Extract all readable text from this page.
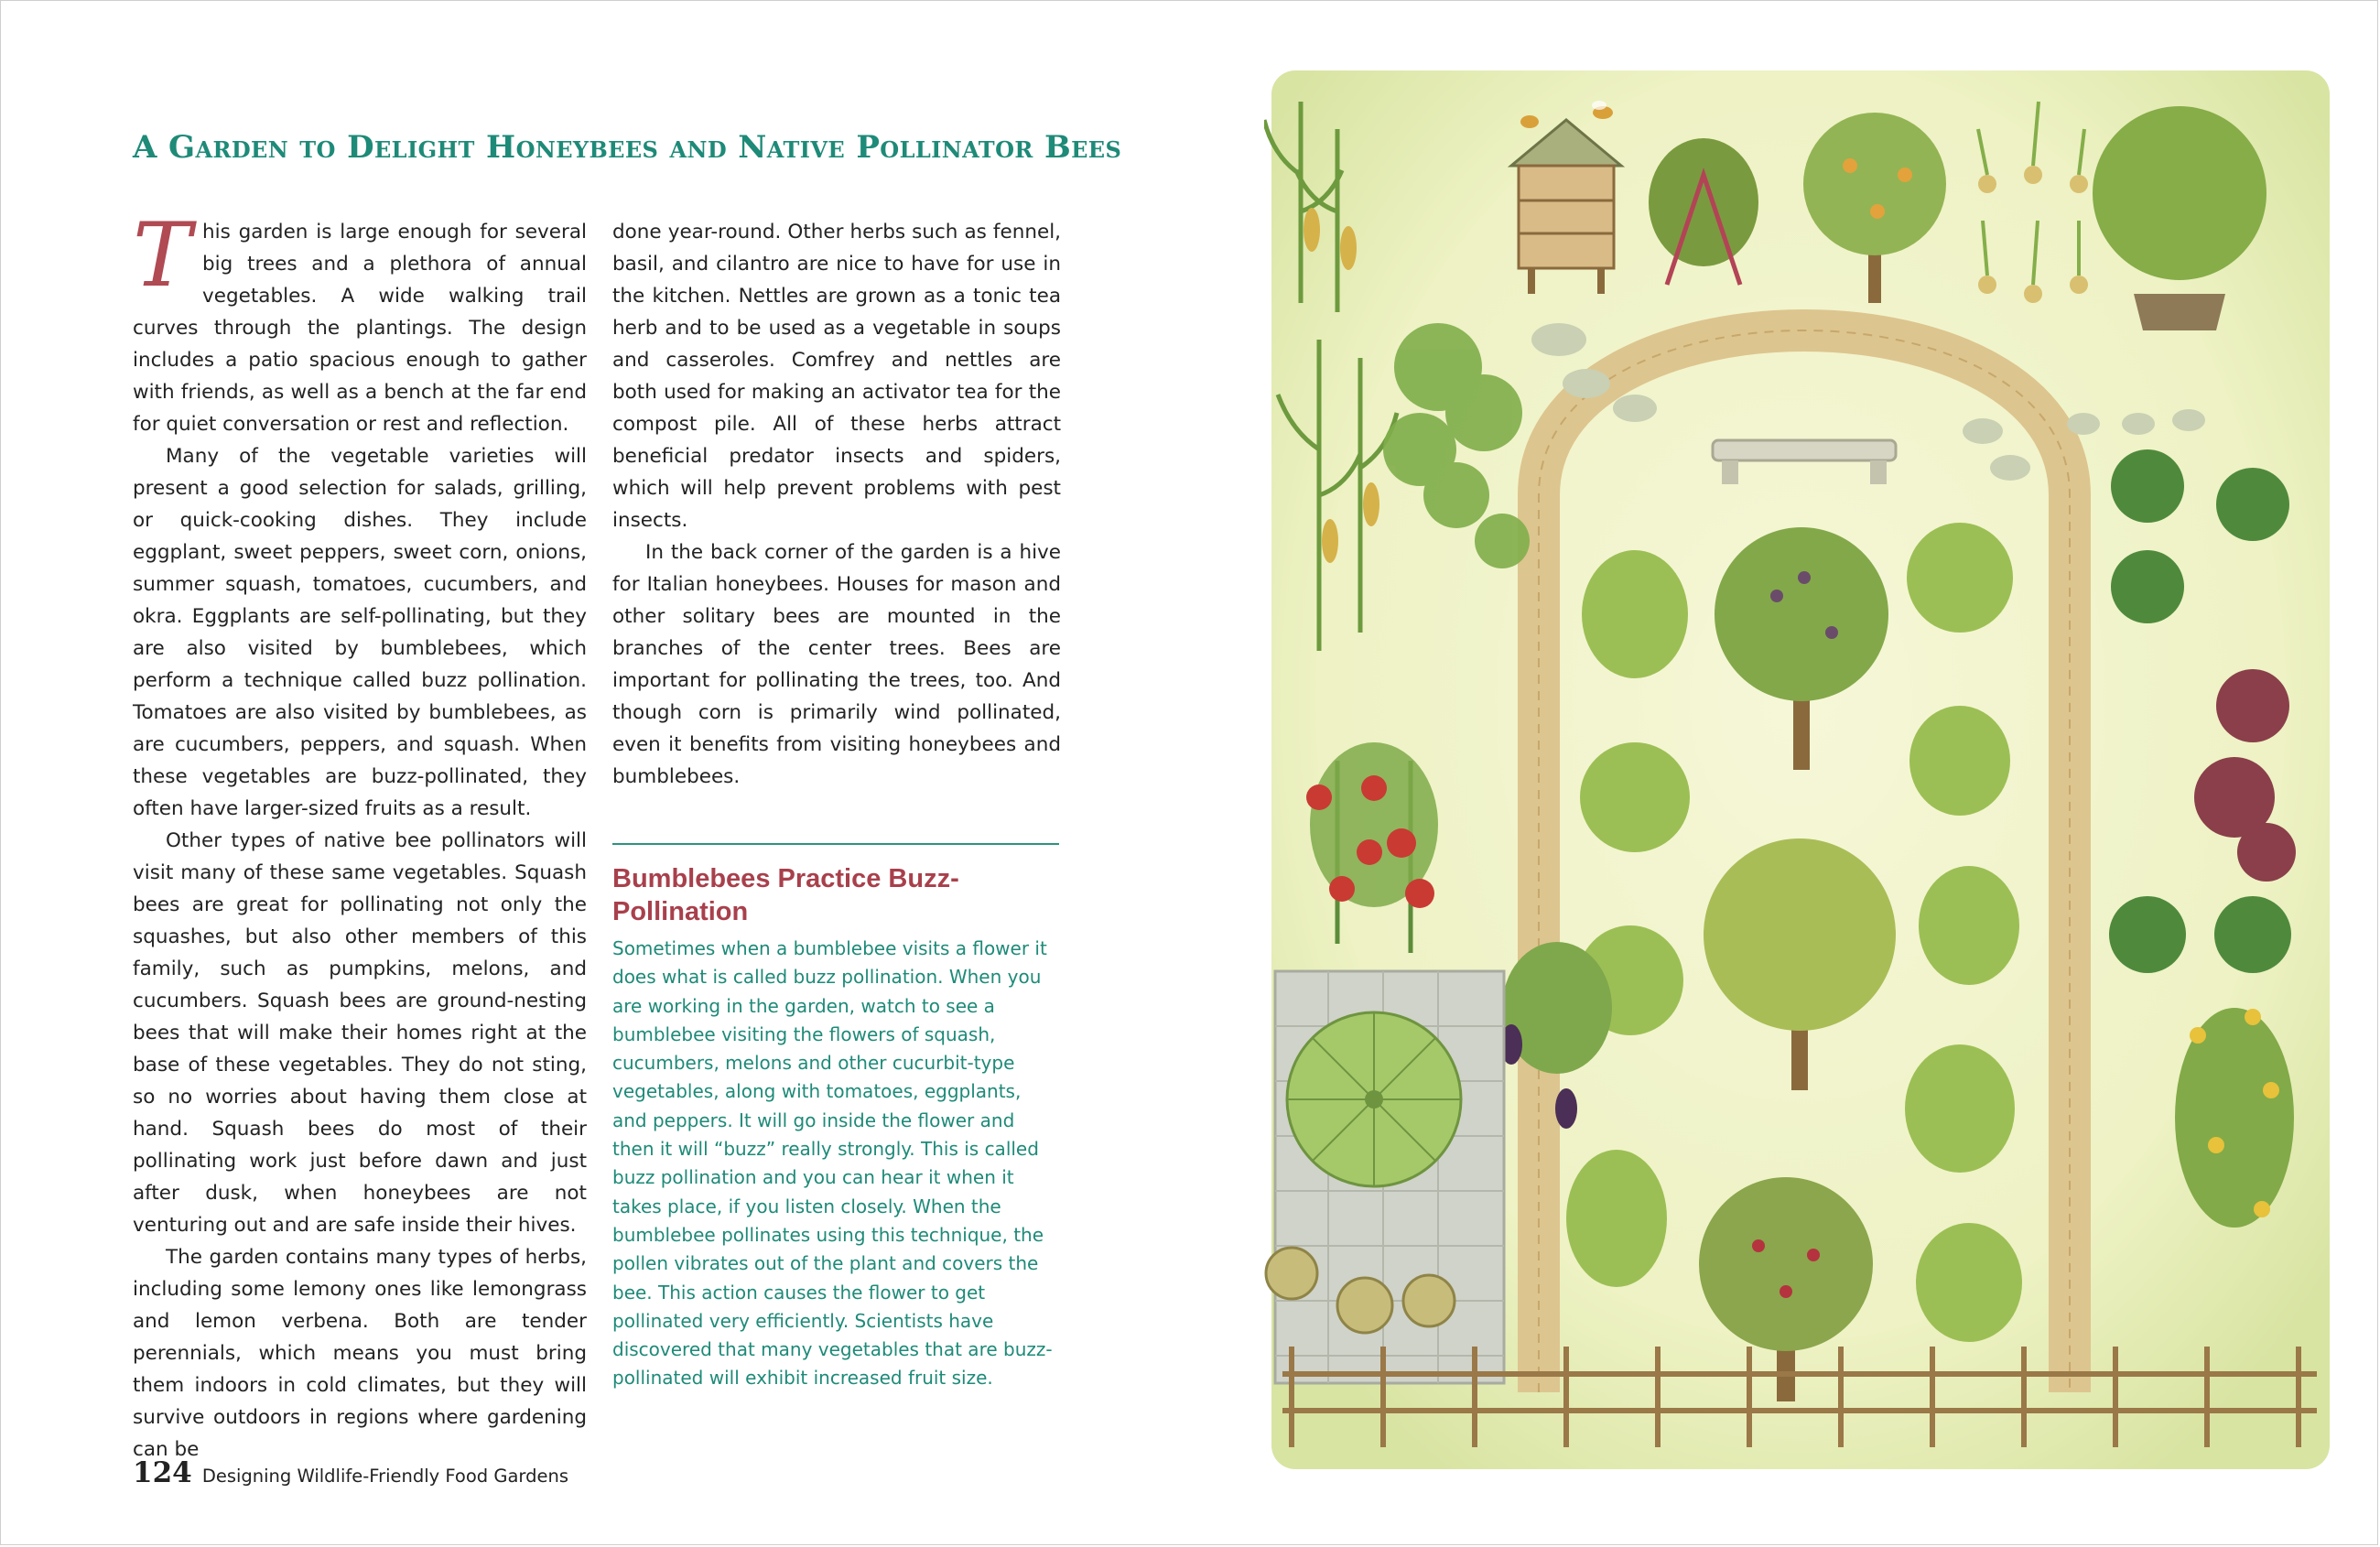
A Garden to Delight Honeybees and Native Pollinator Bees

This garden is large enough for several big trees and a plethora of annual vegetables. A wide walking trail curves through the plantings. The design includes a patio spacious enough to gather with friends, as well as a bench at the far end for quiet conversation or rest and reflection.

Many of the vegetable varieties will present a good selection for salads, grilling, or quick-cooking dishes. They include eggplant, sweet peppers, sweet corn, onions, summer squash, tomatoes, cucumbers, and okra. Eggplants are self-pollinating, but they are also visited by bumblebees, which perform a technique called buzz pollination. Tomatoes are also visited by bumblebees, as are cucumbers, peppers, and squash. When these vegetables are buzz-pollinated, they often have larger-sized fruits as a result.

Other types of native bee pollinators will visit many of these same vegetables. Squash bees are great for pollinating not only the squashes, but also other members of this family, such as pumpkins, melons, and cucumbers. Squash bees are ground-nesting bees that will make their homes right at the base of these vegetables. They do not sting, so no worries about having them close at hand. Squash bees do most of their pollinating work just before dawn and just after dusk, when honeybees are not venturing out and are safe inside their hives.

The garden contains many types of herbs, including some lemony ones like lemongrass and lemon verbena. Both are tender perennials, which means you must bring them indoors in cold climates, but they will survive outdoors in regions where gardening can be

done year-round. Other herbs such as fennel, basil, and cilantro are nice to have for use in the kitchen. Nettles are grown as a tonic tea herb and to be used as a vegetable in soups and casseroles. Comfrey and nettles are both used for making an activator tea for the compost pile. All of these herbs attract beneficial predator insects and spiders, which will help prevent problems with pest insects.

In the back corner of the garden is a hive for Italian honeybees. Houses for mason and other solitary bees are mounted in the branches of the center trees. Bees are important for pollinating the trees, too. And though corn is primarily wind pollinated, even it benefits from visiting honeybees and bumblebees.

Bumblebees Practice Buzz-Pollination

Sometimes when a bumblebee visits a flower it does what is called buzz pollination. When you are working in the garden, watch to see a bumblebee visiting the flowers of squash, cucumbers, melons and other cucurbit-type vegetables, along with tomatoes, eggplants, and peppers. It will go inside the flower and then it will “buzz” really strongly. This is called buzz pollination and you can hear it when it takes place, if you listen closely. When the bumblebee pollinates using this technique, the pollen vibrates out of the plant and covers the bee. This action causes the flower to get pollinated very efficiently. Scientists have discovered that many vegetables that are buzz-pollinated will exhibit increased fruit size.

124 Designing Wildlife-Friendly Food Gardens
